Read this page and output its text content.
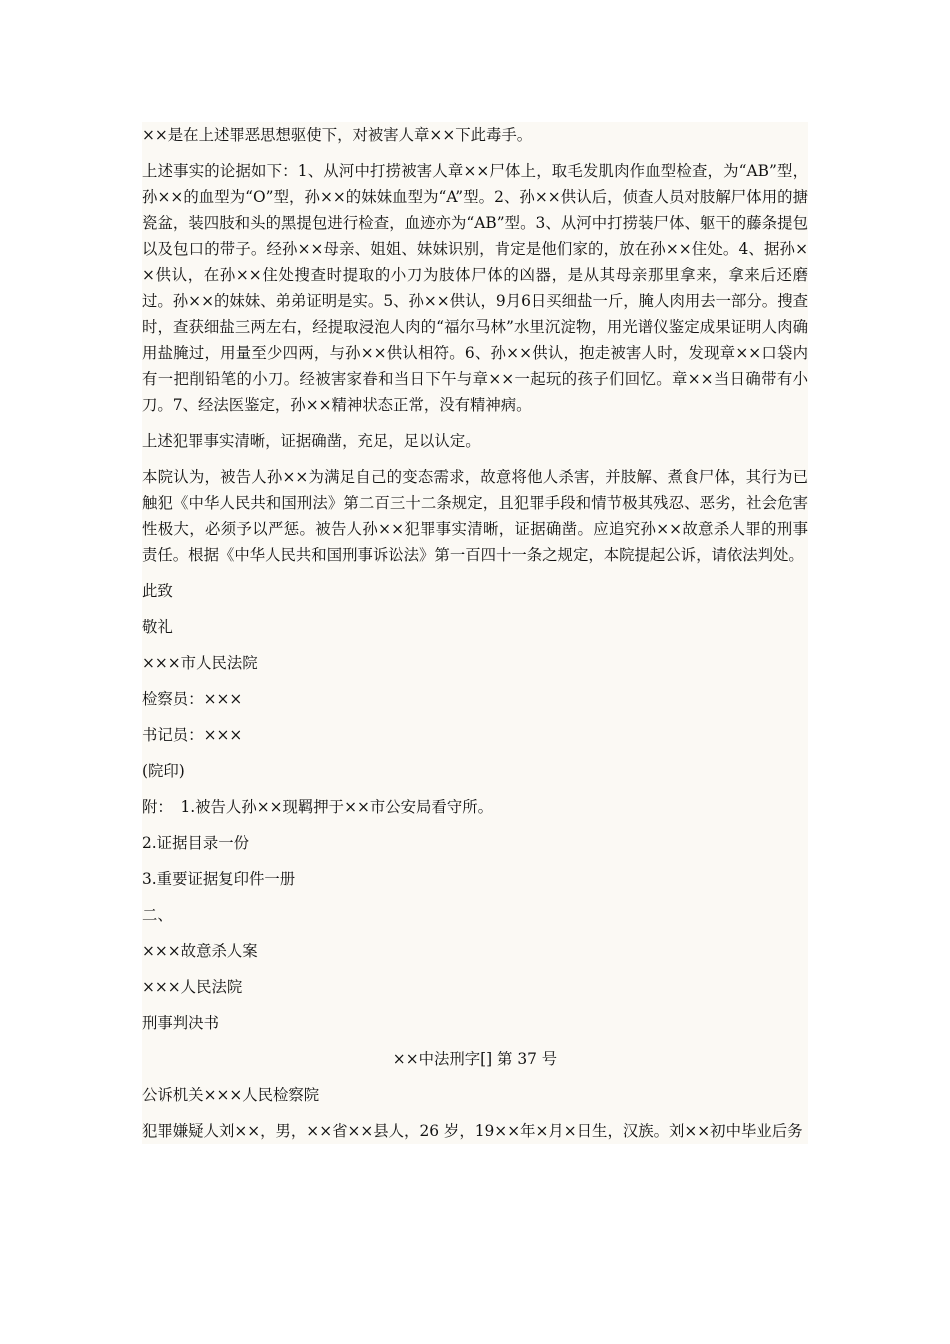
××是在上述罪恶思想驱使下，对被害人章××下此毒手。

上述事实的论据如下：1、从河中打捞被害人章××尸体上，取毛发肌肉作血型检查，为“AB”型，孙××的血型为“O”型，孙××的妹妹血型为“A”型。2、孙××供认后，侦查人员对肢解尸体用的搪瓷盆，装四肢和头的黑提包进行检查，血迹亦为“AB”型。3、从河中打捞装尸体、躯干的藤条提包以及包口的带子。经孙××母亲、姐姐、妹妹识别，肯定是他们家的，放在孙××住处。4、据孙××供认，在孙××住处搜查时提取的小刀为肢体尸体的凶器，是从其母亲那里拿来，拿来后还磨过。孙××的妹妹、弟弟证明是实。5、孙××供认，9月6日买细盐一斤，腌人肉用去一部分。搜查时，查获细盐三两左右，经提取浸泡人肉的“福尔马林”水里沉淀物，用光谱仪鉴定成果证明人肉确用盐腌过，用量至少四两，与孙××供认相符。6、孙××供认，抱走被害人时，发现章××口袋内有一把削铅笔的小刀。经被害家眷和当日下午与章××一起玩的孩子们回忆。章××当日确带有小刀。7、经法医鉴定，孙××精神状态正常，没有精神病。

上述犯罪事实清晰，证据确凿，充足，足以认定。

本院认为，被告人孙××为满足自己的变态需求，故意将他人杀害，并肢解、煮食尸体，其行为已触犯《中华人民共和国刑法》第二百三十二条规定，且犯罪手段和情节极其残忍、恶劣，社会危害性极大，必须予以严惩。被告人孙××犯罪事实清晰，证据确凿。应追究孙××故意杀人罪的刑事责任。根据《中华人民共和国刑事诉讼法》第一百四十一条之规定，本院提起公诉，请依法判处。

此致

敬礼

×××市人民法院

检察员：×××

书记员：×××

(院印)

附：　1.被告人孙××现羁押于××市公安局看守所。

2.证据目录一份

3.重要证据复印件一册

二、

×××故意杀人案

×××人民法院

刑事判决书

××中法刑字[] 第 37 号

公诉机关×××人民检察院

犯罪嫌疑人刘××，男，××省××县人，26 岁，19××年×月×日生，汉族。刘××初中毕业后务
